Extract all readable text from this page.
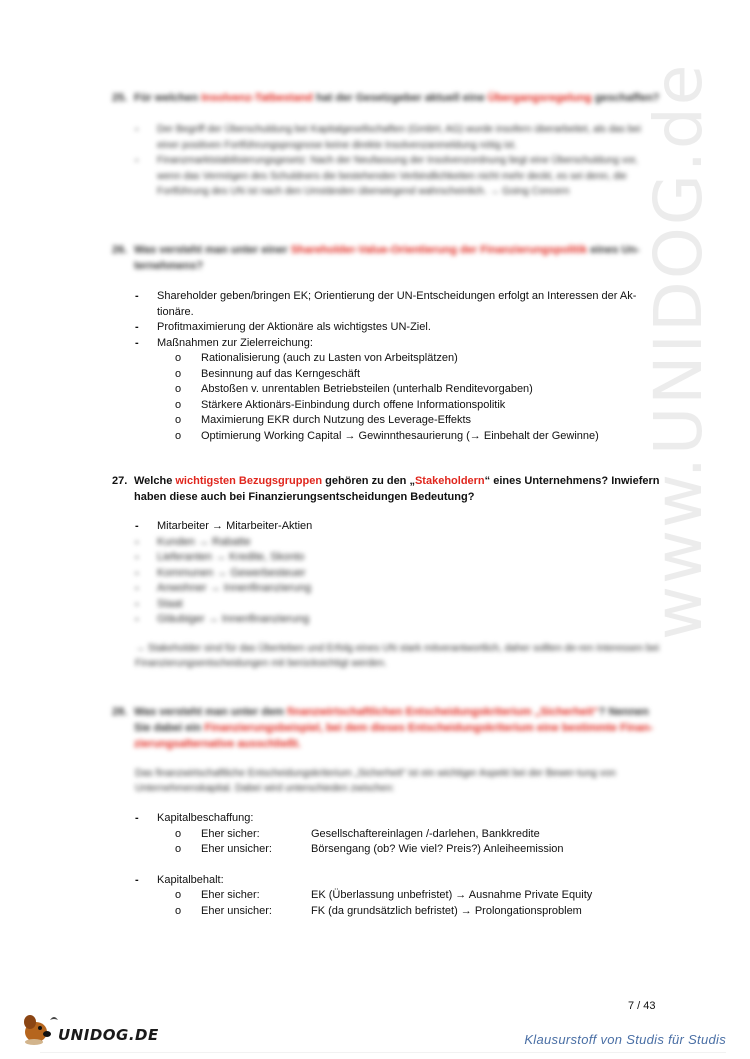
www.UNIDOG.de
25. Für welchen Insolvenz-Tatbestand hat der Gesetzgeber aktuell eine Übergangsregelung geschaffen?
-	Der Begriff der Überschuldung bei Kapitalgesellschaften (GmbH, AG) wurde insofern überarbeitet, als das bei einer positiven Fortführungsprognose keine direkte Insolvenzanmeldung nötig ist.
-	Finanzmarktstabilisierungsgesetz: Nach der Neufassung der Insolvenzordnung liegt eine Überschuldung vor, wenn das Vermögen des Schuldners die bestehenden Verbindlichkeiten nicht mehr deckt, es sei denn, die Fortführung des UN ist nach den Umständen überwiegend wahrscheinlich. → Going Concern
26. Was versteht man unter einer Shareholder-Value-Orientierung der Finanzierungspolitik eines Un-
ternehmens?
-	Shareholder geben/bringen EK; Orientierung der UN-Entscheidungen erfolgt an Interessen der Ak-
tionäre.
-	Profitmaximierung der Aktionäre als wichtigstes UN-Ziel.
-	Maßnahmen zur Zielerreichung:
o	Rationalisierung (auch zu Lasten von Arbeitsplätzen)
o	Besinnung auf das Kerngeschäft
o	Abstoßen v. unrentablen Betriebsteilen (unterhalb Renditevorgaben)
o	Stärkere Aktionärs-Einbindung durch offene Informationspolitik
o	Maximierung EKR durch Nutzung des Leverage-Effekts
o	Optimierung Working Capital → Gewinnthesaurierung (→ Einbehalt der Gewinne)
27. Welche wichtigsten Bezugsgruppen gehören zu den „Stakeholdern“ eines Unternehmens? Inwiefern
haben diese auch bei Finanzierungsentscheidungen Bedeutung?
-	Mitarbeiter → Mitarbeiter-Aktien
-	Kunden → Rabatte
-	Lieferanten → Kredite, Skonto
-	Kommunen → Gewerbesteuer
-	Anwohner → Innenfinanzierung
-	Staat
-	Gläubiger → Innenfinanzierung
→ Stakeholder sind für das Überleben und Erfolg eines UN stark mitverantwortlich, daher sollten de-ren Interessen bei Finanzierungsentscheidungen mit berücksichtigt werden.
28. Was versteht man unter dem finanzwirtschaftlichen Entscheidungskriterium „Sicherheit“? Nennen
Sie dabei ein Finanzierungsbeispiel, bei dem dieses Entscheidungskriterium eine bestimmte Finan-
zierungsalternative ausschließt.
Das finanzwirtschaftliche Entscheidungskriterium „Sicherheit“ ist ein wichtiger Aspekt bei der Bewer-tung von Unternehmenskapital. Dabei wird unterschieden zwischen:
-	Kapitalbeschaffung:
o	Eher sicher:	Gesellschaftereinlagen /-darlehen, Bankkredite
o	Eher unsicher:	Börsengang (ob? Wie viel? Preis?) Anleiheemission
-	Kapitalbehalt:
o	Eher sicher:	EK (Überlassung unbefristet) → Ausnahme Private Equity
o	Eher unsicher:	FK (da grundsätzlich befristet) → Prolongationsproblem
7 / 43
UNIDOG.DE	Klausurstoff von Studis für Studis
